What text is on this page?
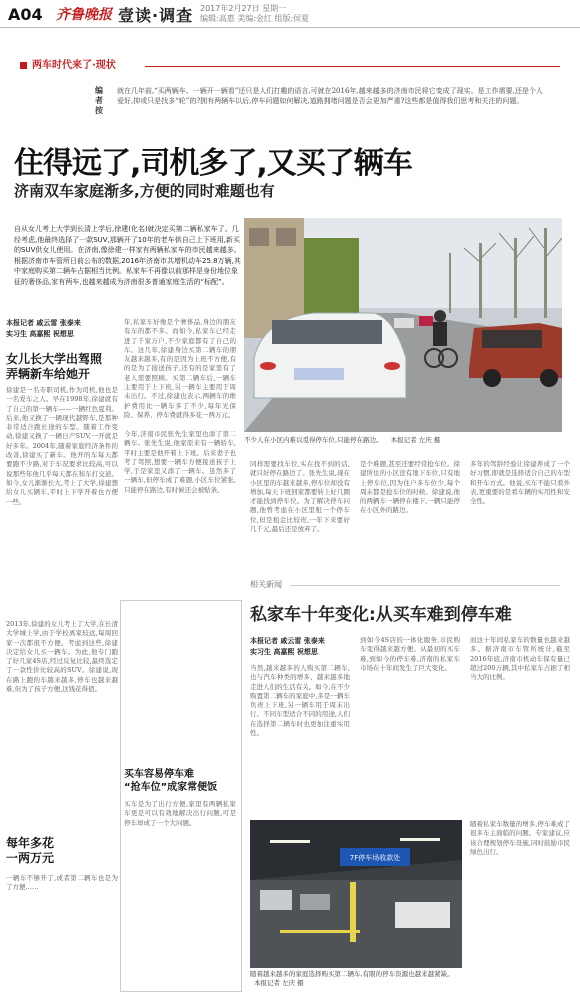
A04 齐鲁晚报 壹读·调查 2017年2月27日 星期一
编辑:高惠 美编:金红 组版:侯夏
两车时代来了·现状
编者按
就在几年前,“买两辆车、一辆开一辆看”还只是人们打趣的语言,可就在2016年,越来越多的济南市民将它变成了现实。是工作需要,还是个人爱好,抑或只是找多“轮”的?拥有两辆车以后,停车问题如何解决,道路拥堵问题是否会更加严重?这些都是值得我们思考和关注的问题。
住得远了,司机多了,又买了辆车
济南双车家庭渐多,方便的同时难题也有
自从女儿考上大学到长清上学后,徐建(化名)就决定买第二辆私家车了。几经考虑,他最终选择了一款SUV,那辆开了10年的老车供自己上下班用,新买的SUV供女儿使用。在济南,像徐建一样家有两辆私家车的市民越来越多。根据济南市车管所日前公布的数据,2016年济南市共增机动车25.8万辆,其中家庭购买第二辆车占据相当比例。私家车不再像以前那样是身份地位象征的奢侈品,家有两车,也越来越成为济南很多普通家庭生活的“标配”。
不少人在小区内难以觅得停车位,只能停在路边。 本报记者 左庆 摄
本报记者 戚云雷 张泰来
实习生 高嘉熙 祝想思
女儿长大学出驾照
弄辆新车给她开
徐建是一名专职司机,作为司机,他也是一名爱车之人。早在1998年,徐建就有了自己的第一辆车——一辆红色夏利。后来,他又换了一辆现代越野车,是那种非常适合跑长途的车型。随着工作变动,徐建又换了一辆日产SUV,一开就是好多年。2004年,随着家庭经济条件的改善,徐建买了新车。他开的车每天都要跑不少路,对于车况要求比较高,可以说那些年他几乎每天都在和车打交道。如今,女儿渐渐长大,考上了大学,徐建想给女儿买辆车,平时上下学开着也方便一些。
2013年,徐建的女儿考上了大学,在长清大学城上学,由于学校离家较远,每周回家一次都很不方便。考虑到这些,徐建决定给女儿买一辆车。为此,他专门跑了好几家4S店,经过反复比较,最终选定了一款性价比较高的SUV。徐建说,现在路上跑的车越来越多,停车也越来越难,但为了孩子方便,这钱花得值。
每年多花
一两万元
一辆车不够开了,或者第二辆车也是为了方便……
年,私家车好像是个奢侈品,身边的朋友有车的都不多。而如今,私家车已经走进了千家万户,不少家庭都有了自己的车。这几年,徐建身边买第二辆车的朋友越来越多,有的是因为上班不方便,有的是为了接送孩子,还有的是家里有了老人需要照顾。买第二辆车后,一辆车主要用于上下班,另一辆车主要用于周末出行。不过,徐建也表示,两辆车的维护费用比一辆车多了不少,每年光保险、保养、停车费就得多花一两万元。
今年,济南市民张先生家里也添了第二辆车。张先生说,他家原来有一辆轿车,平时主要是他开着上下班。后来妻子也考了驾照,想要一辆车方便接送孩子上学,于是家里又添了一辆车。虽然多了一辆车,但停车成了难题,小区车位紧张,只能停在路边,有时候还会被贴条。
同样需要找车位,实在找不到的话,就只好停在路边了。张先生说,现在小区里的车越来越多,停车位却没有增加,每天下班回家都要转上好几圈才能找到停车位。为了解决停车问题,他曾考虑在小区里租一个停车位,但是租金比较贵,一年下来要好几千元,最后还是放弃了。
是个难题,甚至还要经常抢车位。徐建所住的小区没有地下车位,只有地上停车位,因为住户多车位少,每个周末都是抢车位的时候。徐建说,他的两辆车一辆停在楼下,一辆只能停在小区外的路边。
多年的驾龄经验让徐建养成了一个好习惯,即就是选择适合自己的车型和开车方式。他说,买车不能只看外表,更重要的是看车辆的实用性和安全性。
相关新闻
私家车十年变化:从买车难到停车难
买车容易停车难
“抢车位”成家常便饭
买车是为了出行方便,家里有两辆私家车更是可以有效地解决出行问题,可是停车却成了一个大问题。
本报记者 戚云雷 张泰来
实习生 高嘉熙 祝想思
当然,越来越多的人购买第二辆车,也与汽车种类的增多、越来越多地走进人们的生活有关。如今,在不少购置第二辆车的家庭中,多是一辆车负责上下班,另一辆车用于周末出行。不同车型适合不同的用途,人们在选择第二辆车时也更加注重实用性。
到如今4S店的一体化服务,市民购车变得越来越方便。从最初的买车难,到如今的停车难,济南的私家车市场在十年间发生了巨大变化。
而这十年间私家车的数量也越来越多。据济南市车管所统计,截至2016年底,济南市机动车保有量已超过200万辆,其中私家车占据了相当大的比例。
随着私家车数量的增多,停车难成了很多车主面临的问题。专家建议,应该合理规划停车设施,同时鼓励市民绿色出行。
7F停车场收款处
随着越来越多的家庭选择购买第二辆车,有限的停车资源也越来越紧缺。 本报记者 左庆 摄
